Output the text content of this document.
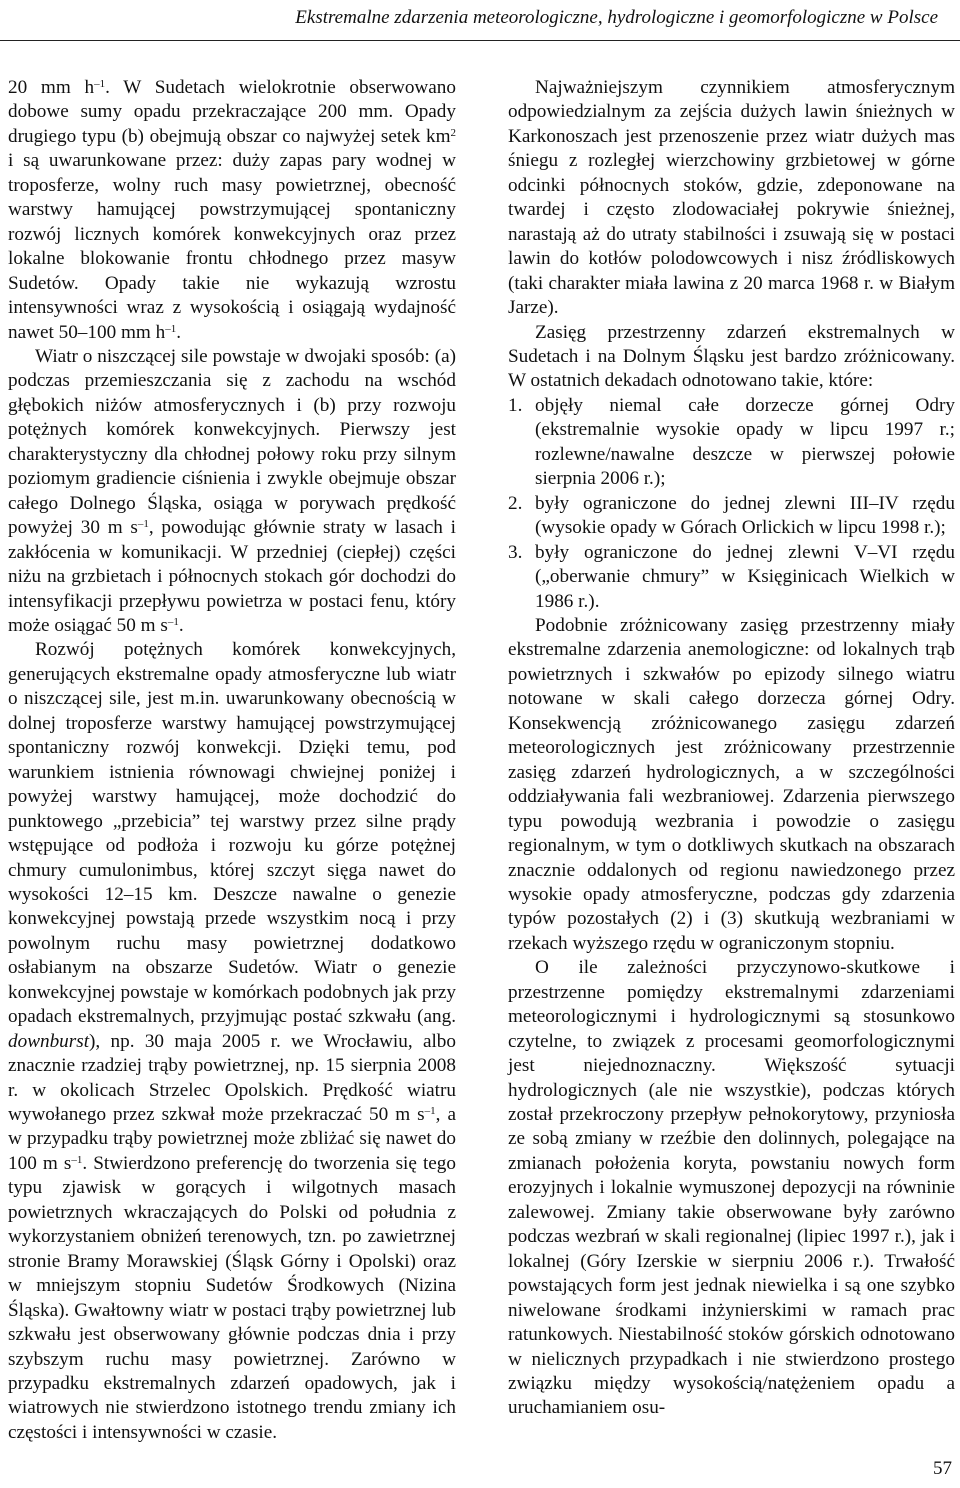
Ekstremalne zdarzenia meteorologiczne, hydrologiczne i geomorfologiczne w Polsce

20 mm $h^{-1}$. W Sudetach wielokrotnie obserwowano dobowe sumy opadu przekraczające 200 mm. Opady drugiego typu (b) obejmują obszar co najwyżej setek $km^2$ i są uwarunkowane przez: duży zapas pary wodnej w troposferze, wolny ruch masy powietrznej, obecność warstwy hamującej powstrzymującej spontaniczny rozwój licznych komórek konwekcyjnych oraz przez lokalne blokowanie frontu chłodnego przez masyw Sudetów. Opady takie nie wykazują wzrostu intensywności wraz z wysokością i osiągają wydajność nawet 50–100 mm $h^{-1}$.

Wiatr o niszczącej sile powstaje w dwojaki sposób: (a) podczas przemieszczania się z zachodu na wschód głębokich niżów atmosferycznych i (b) przy rozwoju potężnych komórek konwekcyjnych. Pierwszy jest charakterystyczny dla chłodnej połowy roku przy silnym poziomym gradiencie ciśnienia i zwykle obejmuje obszar całego Dolnego Śląska, osiąga w porywach prędkość powyżej 30 m $s^{-1}$, powodując głównie straty w lasach i zakłócenia w komunikacji. W przedniej (ciepłej) części niżu na grzbietach i północnych stokach gór dochodzi do intensyfikacji przepływu powietrza w postaci fenu, który może osiągać 50 m $s^{-1}$.

Rozwój potężnych komórek konwekcyjnych, generujących ekstremalne opady atmosferyczne lub wiatr o niszczącej sile, jest m.in. uwarunkowany obecnością w dolnej troposferze warstwy hamującej powstrzymującej spontaniczny rozwój konwekcji. Dzięki temu, pod warunkiem istnienia równowagi chwiejnej poniżej i powyżej warstwy hamującej, może dochodzić do punktowego „przebicia” tej warstwy przez silne prądy wstępujące od podłoża i rozwoju ku górze potężnej chmury cumulonimbus, której szczyt sięga nawet do wysokości 12–15 km. Deszcze nawalne o genezie konwekcyjnej powstają przede wszystkim nocą i przy powolnym ruchu masy powietrznej dodatkowo osłabianym na obszarze Sudetów. Wiatr o genezie konwekcyjnej powstaje w komórkach podobnych jak przy opadach ekstremalnych, przyjmując postać szkwału (ang. downburst), np. 30 maja 2005 r. we Wrocławiu, albo znacznie rzadziej trąby powietrznej, np. 15 sierpnia 2008 r. w okolicach Strzelec Opolskich. Prędkość wiatru wywołanego przez szkwał może przekraczać 50 m $s^{-1}$, a w przypadku trąby powietrznej może zbliżać się nawet do 100 m $s^{-1}$. Stwierdzono preferencję do tworzenia się tego typu zjawisk w gorących i wilgotnych masach powietrznych wkraczających do Polski od południa z wykorzystaniem obniżeń terenowych, tzn. po zawietrznej stronie Bramy Morawskiej (Śląsk Górny i Opolski) oraz w mniejszym stopniu Sudetów Środkowych (Nizina Śląska). Gwałtowny wiatr w postaci trąby powietrznej lub szkwału jest obserwowany głównie podczas dnia i przy szybszym ruchu masy powietrznej. Zarówno w przypadku ekstremalnych zdarzeń opadowych, jak i wiatrowych nie stwierdzono istotnego trendu zmiany ich częstości i intensywności w czasie.

Najważniejszym czynnikiem atmosferycznym odpowiedzialnym za zejścia dużych lawin śnieżnych w Karkonoszach jest przenoszenie przez wiatr dużych mas śniegu z rozległej wierzchowiny grzbietowej w górne odcinki północnych stoków, gdzie, zdeponowane na twardej i często zlodowaciałej pokrywie śnieżnej, narastają aż do utraty stabilności i zsuwają się w postaci lawin do kotłów polodowcowych i nisz źródliskowych (taki charakter miała lawina z 20 marca 1968 r. w Białym Jarze).

Zasięg przestrzenny zdarzeń ekstremalnych w Sudetach i na Dolnym Śląsku jest bardzo zróżnicowany. W ostatnich dekadach odnotowano takie, które:

1. objęły niemal całe dorzecze górnej Odry (ekstremalnie wysokie opady w lipcu 1997 r.; rozlewne/nawalne deszcze w pierwszej połowie sierpnia 2006 r.);
2. były ograniczone do jednej zlewni III–IV rzędu (wysokie opady w Górach Orlickich w lipcu 1998 r.);
3. były ograniczone do jednej zlewni V–VI rzędu („oberwanie chmury” w Księginicach Wielkich w 1986 r.).

Podobnie zróżnicowany zasięg przestrzenny miały ekstremalne zdarzenia anemologiczne: od lokalnych trąb powietrznych i szkwałów po epizody silnego wiatru notowane w skali całego dorzecza górnej Odry. Konsekwencją zróżnicowanego zasięgu zdarzeń meteorologicznych jest zróżnicowany przestrzennie zasięg zdarzeń hydrologicznych, a w szczególności oddziaływania fali wezbraniowej. Zdarzenia pierwszego typu powodują wezbrania i powodzie o zasięgu regionalnym, w tym o dotkliwych skutkach na obszarach znacznie oddalonych od regionu nawiedzonego przez wysokie opady atmosferyczne, podczas gdy zdarzenia typów pozostałych (2) i (3) skutkują wezbraniami w rzekach wyższego rzędu w ograniczonym stopniu.

O ile zależności przyczynowo-skutkowe i przestrzenne pomiędzy ekstremalnymi zdarzeniami meteorologicznymi i hydrologicznymi są stosunkowo czytelne, to związek z procesami geomorfologicznymi jest niejednoznaczny. Większość sytuacji hydrologicznych (ale nie wszystkie), podczas których został przekroczony przepływ pełnokorytowy, przyniosła ze sobą zmiany w rzeźbie den dolinnych, polegające na zmianach położenia koryta, powstaniu nowych form erozyjnych i lokalnie wymuszonej depozycji na równinie zalewowej. Zmiany takie obserwowane były zarówno podczas wezbrań w skali regionalnej (lipiec 1997 r.), jak i lokalnej (Góry Izerskie w sierpniu 2006 r.). Trwałość powstających form jest jednak niewielka i są one szybko niwelowane środkami inżynierskimi w ramach prac ratunkowych. Niestabilność stoków górskich odnotowano w nielicznych przypadkach i nie stwierdzono prostego związku między wysokością/natężeniem opadu a uruchamianiem osu-

57
